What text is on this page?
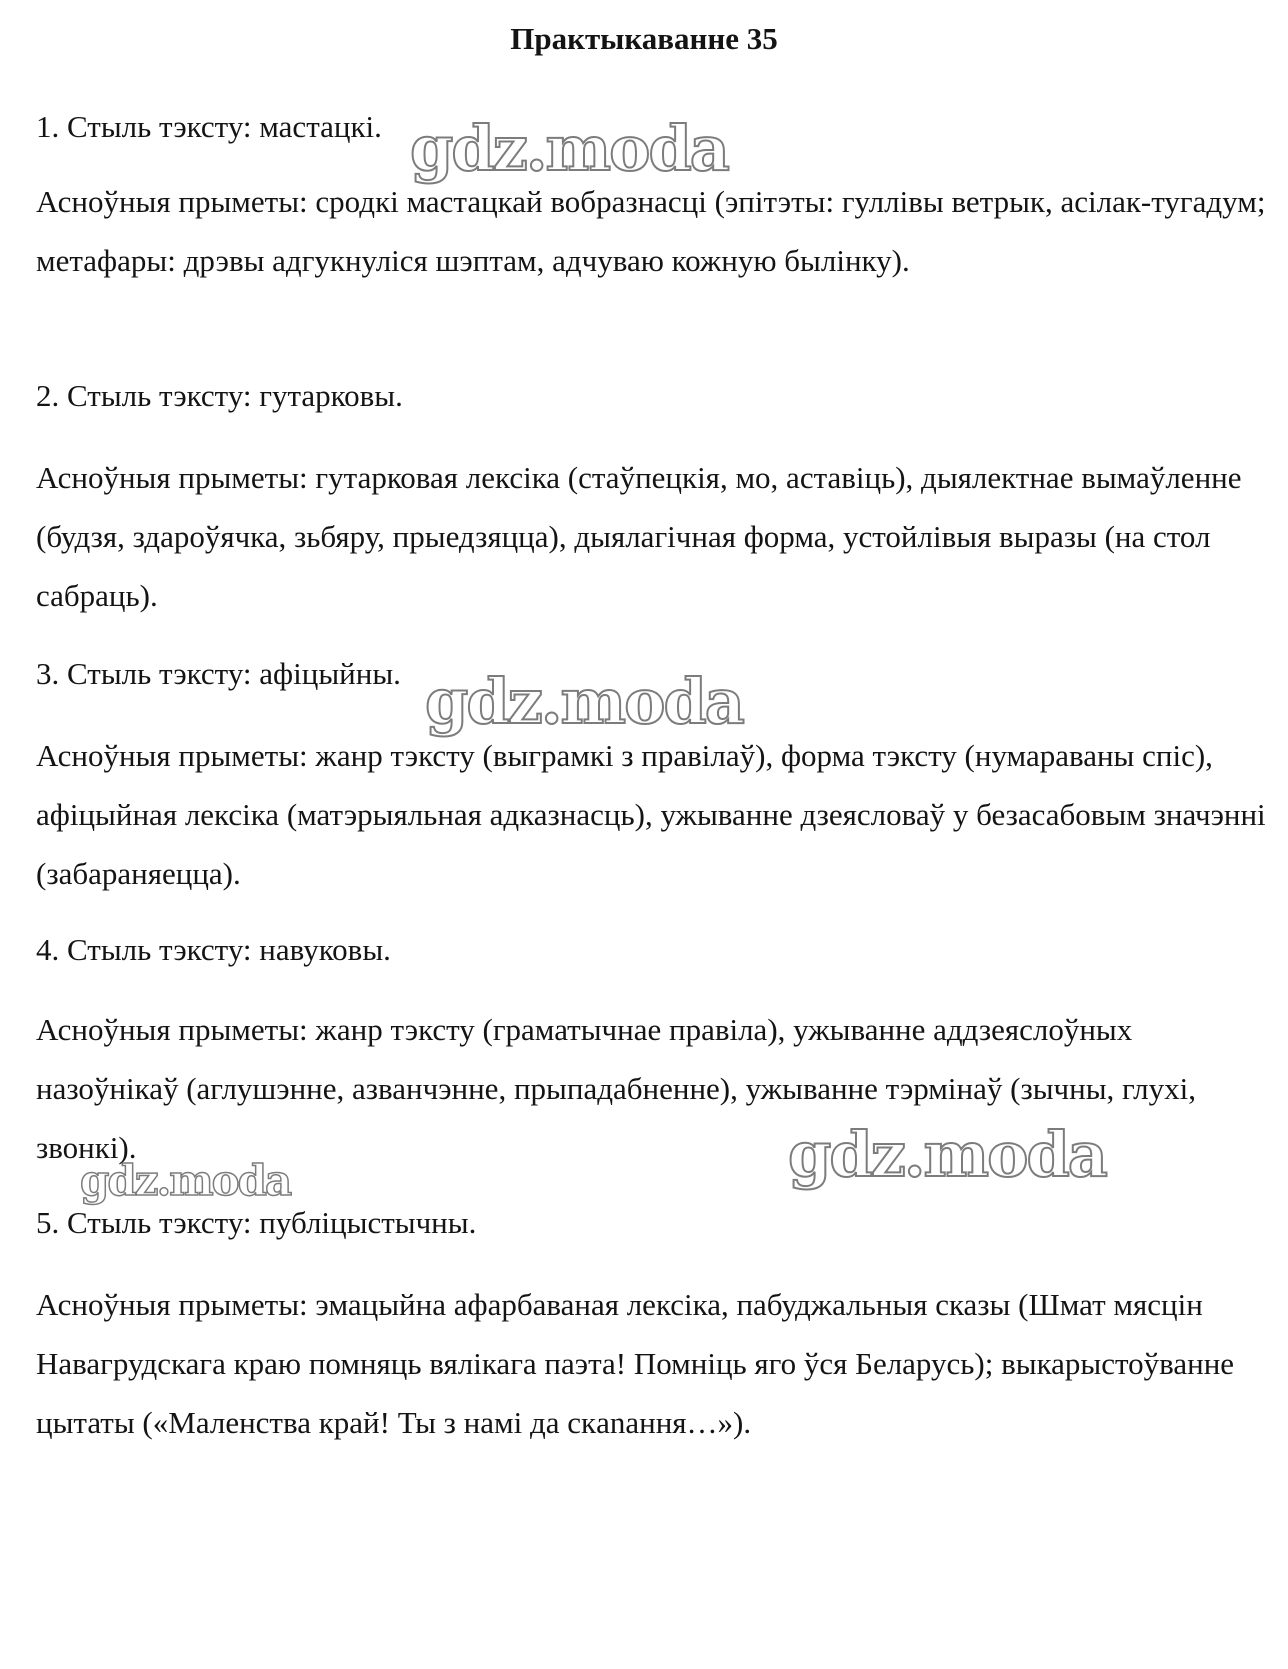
Практыкаванне 35

1. Стыль тэксту: мастацкі.

Асноўныя прыметы: сродкі мастацкай вобразнасці (эпітэты: гуллівы ветрык, асілак-тугадум; метафары: дрэвы адгукнуліся шэптам, адчуваю кожную былінку).

2. Стыль тэксту: гутарковы.

Асноўныя прыметы: гутарковая лексіка (стаўпецкія, мо, аставіць), дыялектнае вымаўленне (будзя, здароўячка, зьбяру, прыедзяцца), дыялагічная форма, устойлівыя выразы (на стол сабраць).

3. Стыль тэксту: афіцыйны.

Асноўныя прыметы: жанр тэксту (выграмкі з правілаў), форма тэксту (нумараваны спіс), афіцыйная лексіка (матэрыяльная адказнасць), ужыванне дзеясловаў у безасабовым значэнні (забараняецца).

4. Стыль тэксту: навуковы.

Асноўныя прыметы: жанр тэксту (граматычнае правіла), ужыванне аддзеяслоўных назоўнікаў (аглушэнне, азванчэнне, прыпадабненне), ужыванне тэрмінаў (зычны, глухі, звонкі).

5. Стыль тэксту: публіцыстычны.

Асноўныя прыметы: эмацыйна афарбаваная лексіка, пабуджальныя сказы (Шмат мясцін Навагрудскага краю помняць вялікага паэта! Помніць яго ўся Беларусь); выкарыстоўванне цытаты («Маленства край! Ты з намі да скanання…»).

gdz.moda
gdz.moda
gdz.moda
gdz.moda
